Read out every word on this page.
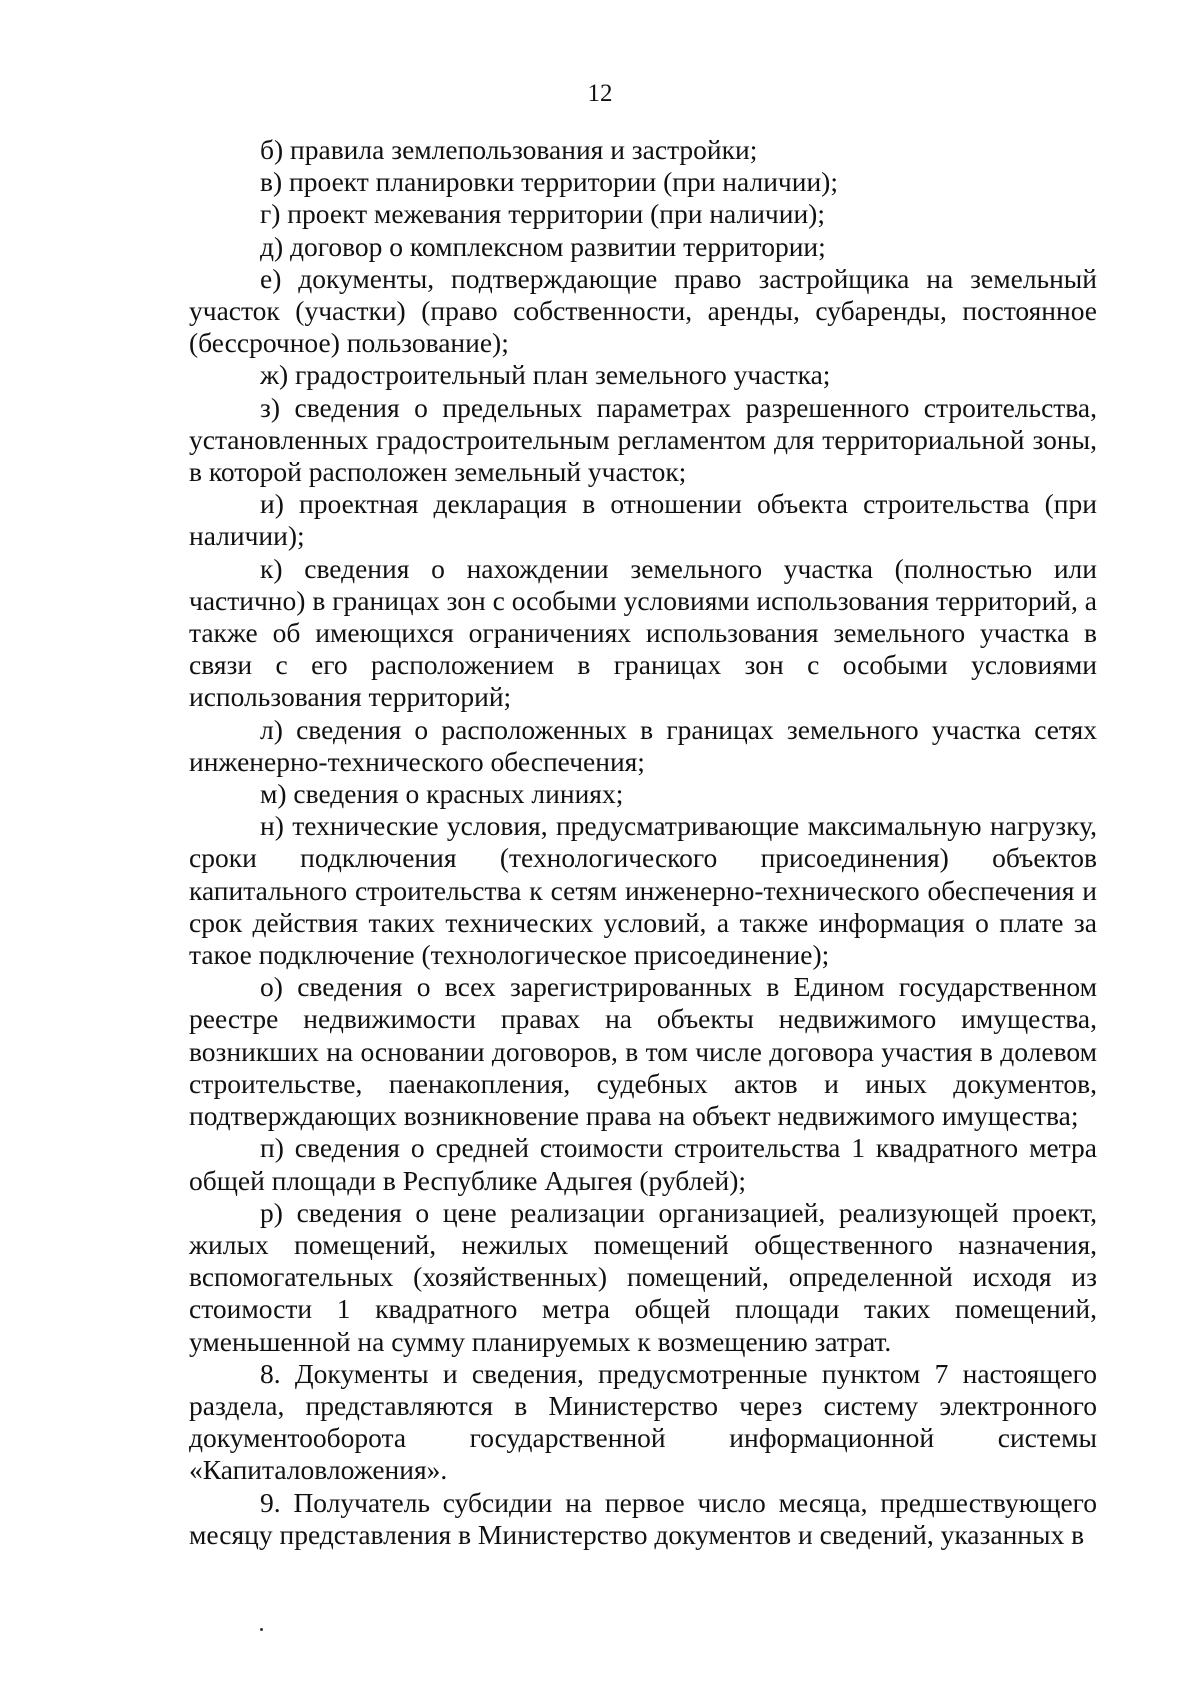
12

б) правила землепользования и застройки;

в) проект планировки территории (при наличии);

г) проект межевания территории (при наличии);

д) договор о комплексном развитии территории;

е) документы, подтверждающие право застройщика на земельный участок (участки) (право собственности, аренды, субаренды, постоянное (бессрочное) пользование);

ж) градостроительный план земельного участка;

з) сведения о предельных параметрах разрешенного строительства, установленных градостроительным регламентом для территориальной зоны, в которой расположен земельный участок;

и) проектная декларация в отношении объекта строительства (при наличии);

к) сведения о нахождении земельного участка (полностью или частично) в границах зон с особыми условиями использования территорий, а также об имеющихся ограничениях использования земельного участка в связи с его расположением в границах зон с особыми условиями использования территорий;

л) сведения о расположенных в границах земельного участка сетях инженерно-технического обеспечения;

м) сведения о красных линиях;

н) технические условия, предусматривающие максимальную нагрузку, сроки подключения (технологического присоединения) объектов капитального строительства к сетям инженерно-технического обеспечения и срок действия таких технических условий, а также информация о плате за такое подключение (технологическое присоединение);

о) сведения о всех зарегистрированных в Едином государственном реестре недвижимости правах на объекты недвижимого имущества, возникших на основании договоров, в том числе договора участия в долевом строительстве, паенакопления, судебных актов и иных документов, подтверждающих возникновение права на объект недвижимого имущества;

п) сведения о средней стоимости строительства 1 квадратного метра общей площади в Республике Адыгея (рублей);

р) сведения о цене реализации организацией, реализующей проект, жилых помещений, нежилых помещений общественного назначения, вспомогательных (хозяйственных) помещений, определенной исходя из стоимости 1 квадратного метра общей площади таких помещений, уменьшенной на сумму планируемых к возмещению затрат.

8. Документы и сведения, предусмотренные пунктом 7 настоящего раздела, представляются в Министерство через систему электронного документооборота государственной информационной системы «Капиталовложения».

9. Получатель субсидии на первое число месяца, предшествующего месяцу представления в Министерство документов и сведений, указанных в
